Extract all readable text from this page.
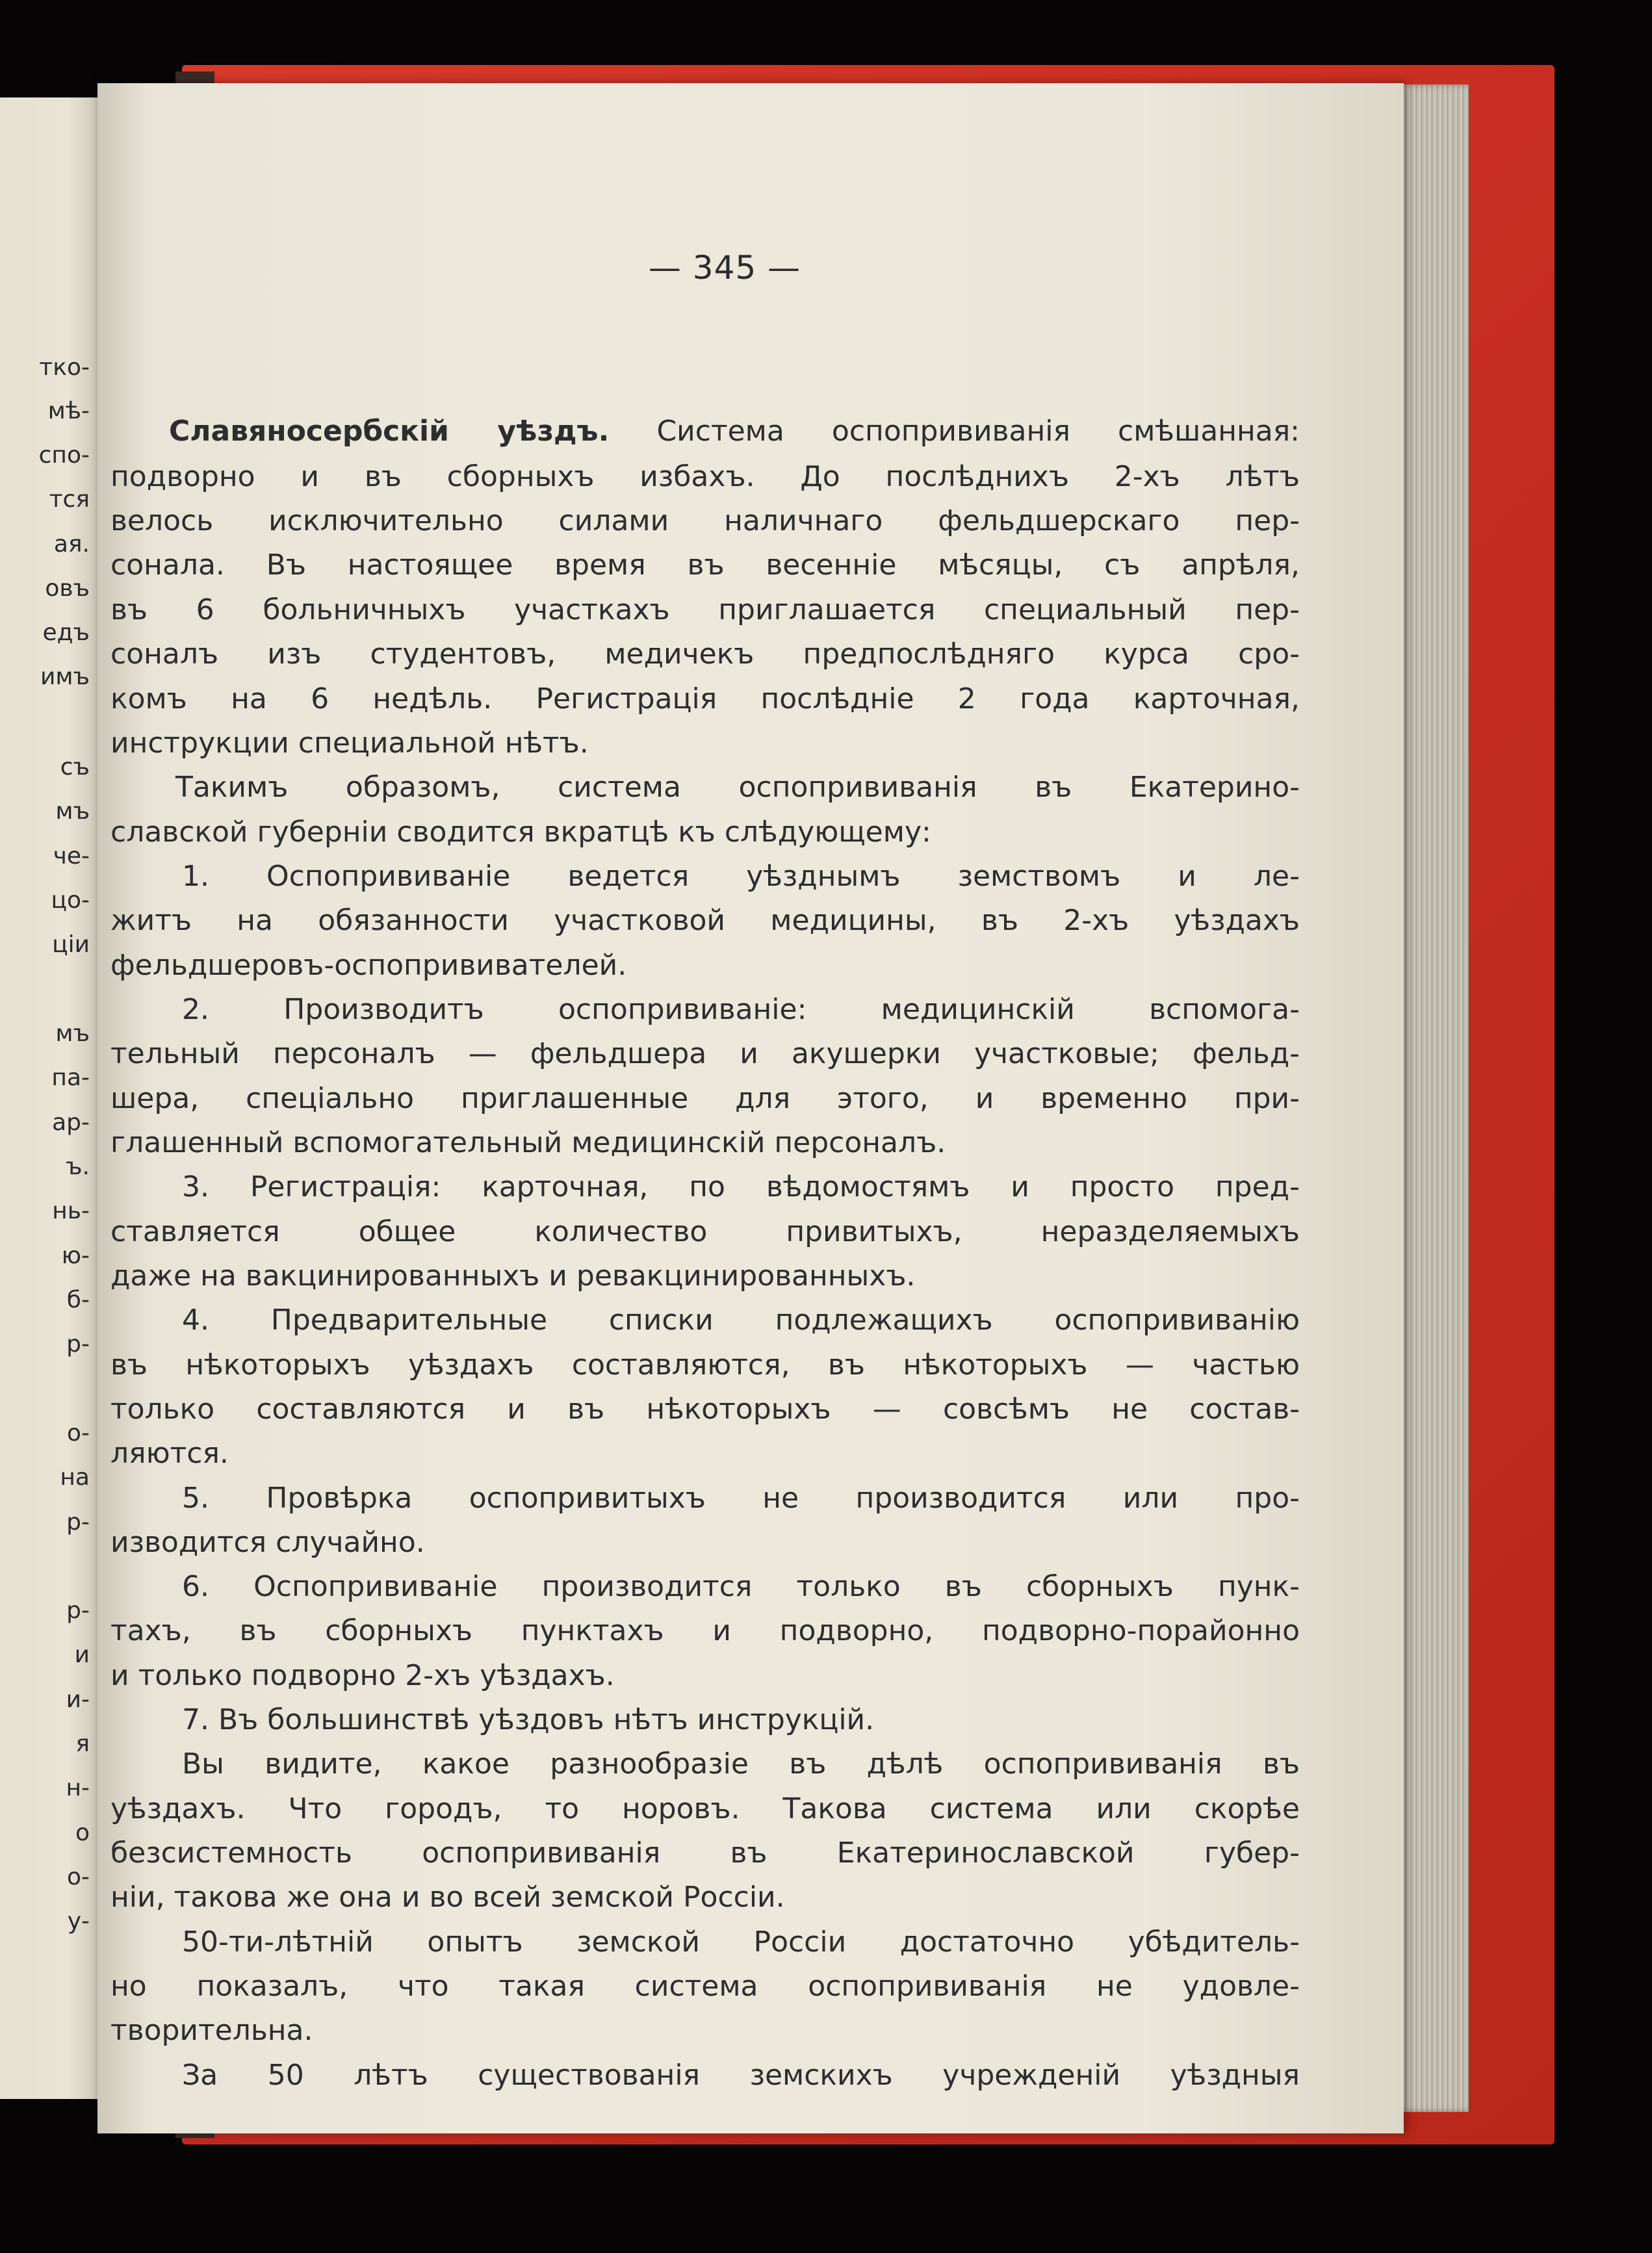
тко-
мѣ-
спо-
тся
ая.
овъ
едъ
имъ
съ
мъ
че-
цо-
ціи
мъ
па-
ар-
ъ.
нь-
ю-
б-
р-
о-
на
р-
р-
и
и-
я
н-
о
о-
у-
— 345 —
Славяносербскій уѣздъ. Система оспопрививанія смѣшанная:
подворно и въ сборныхъ избахъ. До послѣднихъ 2-хъ лѣтъ
велось исключительно силами наличнаго фельдшерскаго пер-
сонала. Въ настоящее время въ весенніе мѣсяцы, съ апрѣля,
въ 6 больничныхъ участкахъ приглашается специальный пер-
соналъ изъ студентовъ, медичекъ предпослѣдняго курса сро-
комъ на 6 недѣль. Регистрація послѣдніе 2 года карточная,
инструкции специальной нѣтъ.
Такимъ образомъ, система оспопрививанія въ Екатерино-
славской губерніи сводится вкратцѣ къ слѣдующему:
1. Оспопрививаніе ведется уѣзднымъ земствомъ и ле-
житъ на обязанности участковой медицины, въ 2-хъ уѣздахъ
фельдшеровъ-оспопрививателей.
2. Производитъ оспопрививаніе: медицинскій вспомога-
тельный персоналъ — фельдшера и акушерки участковые; фельд-
шера, спеціально приглашенные для этого, и временно при-
глашенный вспомогательный медицинскій персоналъ.
3. Регистрація: карточная, по вѣдомостямъ и просто пред-
ставляется общее количество привитыхъ, неразделяемыхъ
даже на вакцинированныхъ и ревакцинированныхъ.
4. Предварительные списки подлежащихъ оспопрививанію
въ нѣкоторыхъ уѣздахъ составляются, въ нѣкоторыхъ — частью
только составляются и въ нѣкоторыхъ — совсѣмъ не состав-
ляются.
5. Провѣрка оспопривитыхъ не производится или про-
изводится случайно.
6. Оспопрививаніе производится только въ сборныхъ пунк-
тахъ, въ сборныхъ пунктахъ и подворно, подворно-порайонно
и только подворно 2-хъ уѣздахъ.
7. Въ большинствѣ уѣздовъ нѣтъ инструкцій.
Вы видите, какое разнообразіе въ дѣлѣ оспопрививанія въ
уѣздахъ. Что городъ, то норовъ. Такова система или скорѣе
безсистемность оспопрививанія въ Екатеринославской губер-
ніи, такова же она и во всей земской Россіи.
50-ти-лѣтній опытъ земской Россіи достаточно убѣдитель-
но показалъ, что такая система оспопрививанія не удовле-
творительна.
За 50 лѣтъ существованія земскихъ учрежденій уѣздныя
